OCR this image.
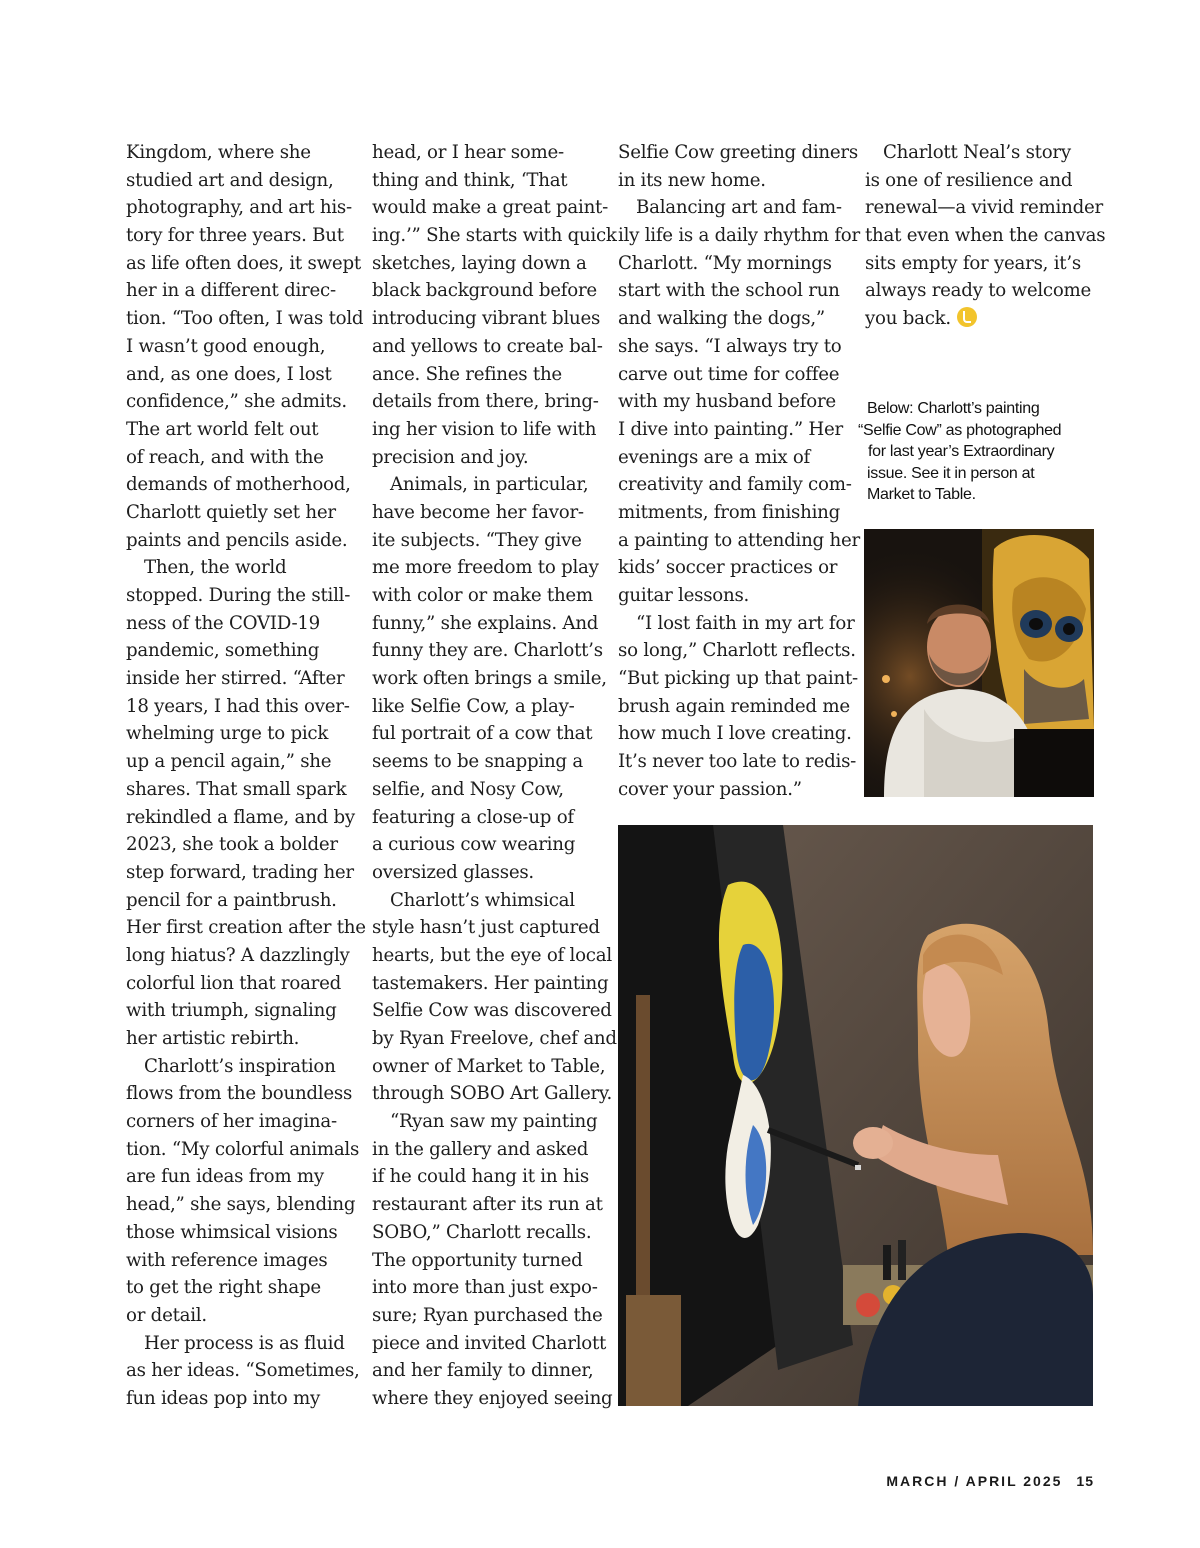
Kingdom, where she
studied art and design,
photography, and art his-
tory for three years. But
as life often does, it swept
her in a different direc-
tion. “Too often, I was told
I wasn’t good enough,
and, as one does, I lost
confidence,” she admits.
The art world felt out
of reach, and with the
demands of motherhood,
Charlott quietly set her
paints and pencils aside.
Then, the world
stopped. During the still-
ness of the COVID-19
pandemic, something
inside her stirred. “After
18 years, I had this over-
whelming urge to pick
up a pencil again,” she
shares. That small spark
rekindled a flame, and by
2023, she took a bolder
step forward, trading her
pencil for a paintbrush.
Her first creation after the
long hiatus? A dazzlingly
colorful lion that roared
with triumph, signaling
her artistic rebirth.
Charlott’s inspiration
flows from the boundless
corners of her imagina-
tion. “My colorful animals
are fun ideas from my
head,” she says, blending
those whimsical visions
with reference images
to get the right shape
or detail.
Her process is as fluid
as her ideas. “Sometimes,
fun ideas pop into my
head, or I hear some-
thing and think, ‘That
would make a great paint-
ing.’” She starts with quick
sketches, laying down a
black background before
introducing vibrant blues
and yellows to create bal-
ance. She refines the
details from there, bring-
ing her vision to life with
precision and joy.
Animals, in particular,
have become her favor-
ite subjects. “They give
me more freedom to play
with color or make them
funny,” she explains. And
funny they are. Charlott’s
work often brings a smile,
like Selfie Cow, a play-
ful portrait of a cow that
seems to be snapping a
selfie, and Nosy Cow,
featuring a close-up of
a curious cow wearing
oversized glasses.
Charlott’s whimsical
style hasn’t just captured
hearts, but the eye of local
tastemakers. Her painting
Selfie Cow was discovered
by Ryan Freelove, chef and
owner of Market to Table,
through SOBO Art Gallery.
“Ryan saw my painting
in the gallery and asked
if he could hang it in his
restaurant after its run at
SOBO,” Charlott recalls.
The opportunity turned
into more than just expo-
sure; Ryan purchased the
piece and invited Charlott
and her family to dinner,
where they enjoyed seeing
Selfie Cow greeting diners
in its new home.
Balancing art and fam-
ily life is a daily rhythm for
Charlott. “My mornings
start with the school run
and walking the dogs,”
she says. “I always try to
carve out time for coffee
with my husband before
I dive into painting.” Her
evenings are a mix of
creativity and family com-
mitments, from finishing
a painting to attending her
kids’ soccer practices or
guitar lessons.
“I lost faith in my art for
so long,” Charlott reflects.
“But picking up that paint-
brush again reminded me
how much I love creating.
It’s never too late to redis-
cover your passion.”
Charlott Neal’s story
is one of resilience and
renewal—a vivid reminder
that even when the canvas
sits empty for years, it’s
always ready to welcome
you back.
Below: Charlott’s painting
“Selfie Cow” as photographed
for last year’s Extraordinary
issue. See it in person at
Market to Table.
MARCH / APRIL 2025 15
